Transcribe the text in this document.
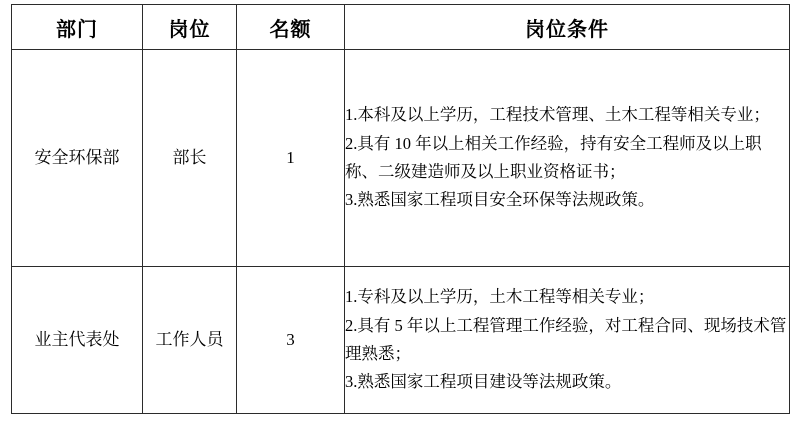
部门	岗位	名额	岗位条件
安全环保部	部长	1	1.本科及以上学历，工程技术管理、土木工程等相关专业；

2.具有 10 年以上相关工作经验，持有安全工程师及以上职称、二级建造师及以上职业资格证书；

3.熟悉国家工程项目安全环保等法规政策。

业主代表处	工作人员	3	1.专科及以上学历，土木工程等相关专业；

2.具有 5 年以上工程管理工作经验，对工程合同、现场技术管理熟悉；

3.熟悉国家工程项目建设等法规政策。
